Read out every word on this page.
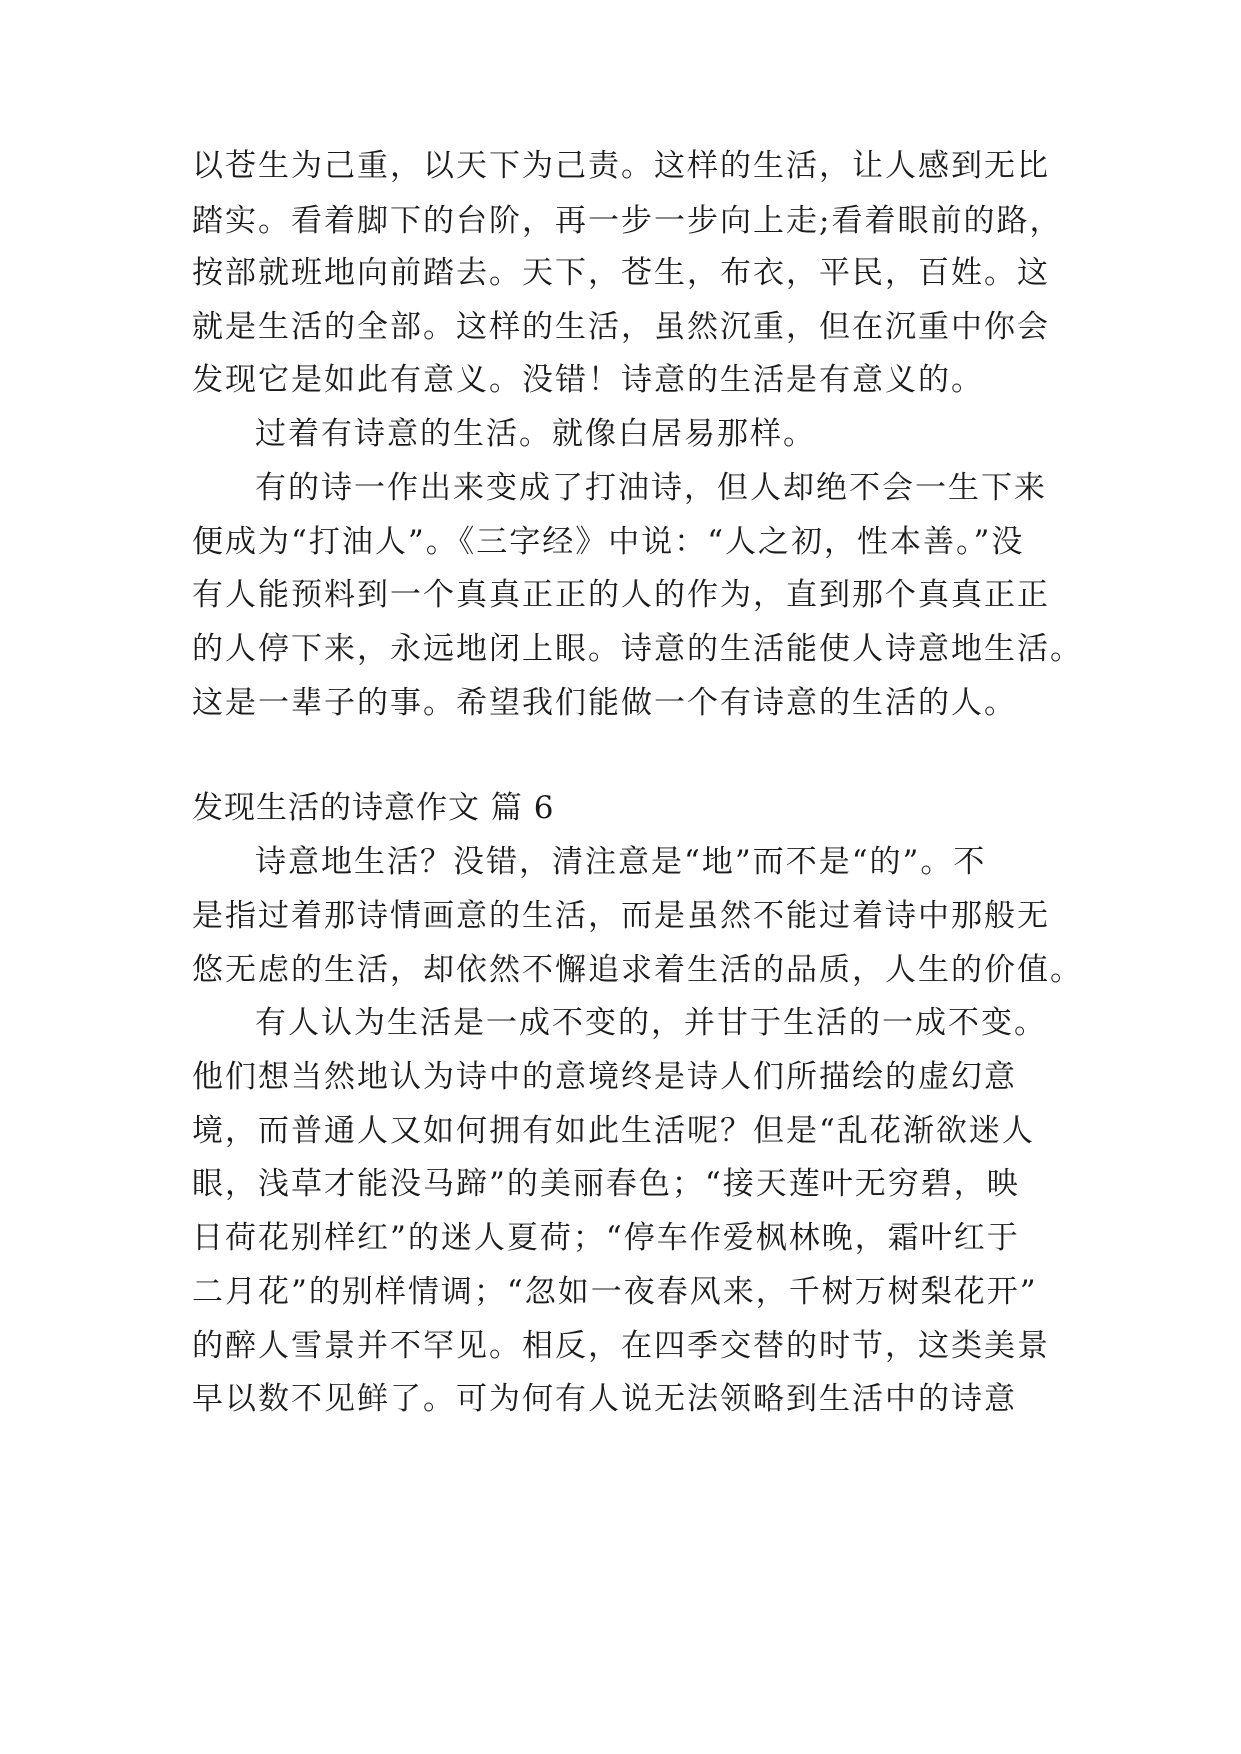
以苍生为己重，以天下为己责。这样的生活，让人感到无比
踏实。看着脚下的台阶，再一步一步向上走;看着眼前的路，
按部就班地向前踏去。天下，苍生，布衣，平民，百姓。这
就是生活的全部。这样的生活，虽然沉重，但在沉重中你会
发现它是如此有意义。没错！诗意的生活是有意义的。
过着有诗意的生活。就像白居易那样。
有的诗一作出来变成了打油诗，但人却绝不会一生下来
便成为“打油人”。《三字经》中说：“人之初，性本善。”没
有人能预料到一个真真正正的人的作为，直到那个真真正正
的人停下来，永远地闭上眼。诗意的生活能使人诗意地生活。
这是一辈子的事。希望我们能做一个有诗意的生活的人。
发现生活的诗意作文 篇 6
诗意地生活？没错，清注意是“地”而不是“的”。不
是指过着那诗情画意的生活，而是虽然不能过着诗中那般无
悠无虑的生活，却依然不懈追求着生活的品质，人生的价值。
有人认为生活是一成不变的，并甘于生活的一成不变。
他们想当然地认为诗中的意境终是诗人们所描绘的虚幻意
境，而普通人又如何拥有如此生活呢？但是“乱花渐欲迷人
眼，浅草才能没马蹄”的美丽春色；“接天莲叶无穷碧，映
日荷花别样红”的迷人夏荷；“停车作爱枫林晚，霜叶红于
二月花”的别样情调；“忽如一夜春风来，千树万树梨花开”
的醉人雪景并不罕见。相反，在四季交替的时节，这类美景
早以数不见鲜了。可为何有人说无法领略到生活中的诗意
